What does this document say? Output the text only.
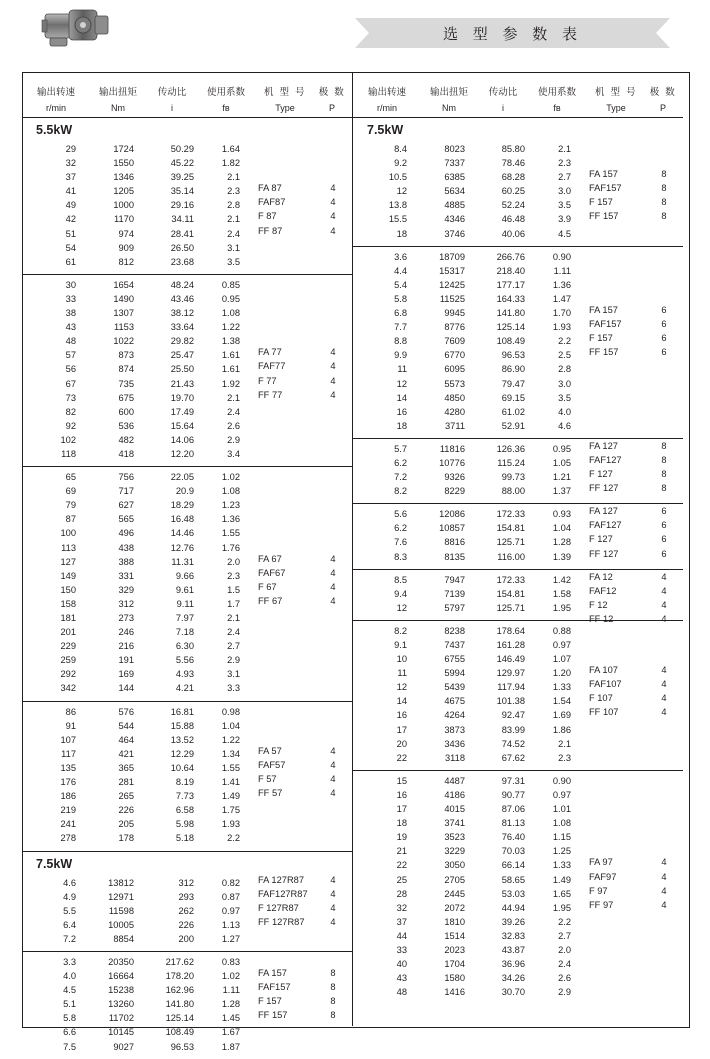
选 型 参 数 表
输出转速	输出扭矩	传动比	使用系数	机 型 号	极 数
r/min	Nm	i	fʙ	Type	P
5.5kW
29	1724	50.29	1.64
32	1550	45.22	1.82
37	1346	39.25	2.1
41	1205	35.14	2.3
49	1000	29.16	2.8
42	1170	34.11	2.1
51	974	28.41	2.4
54	909	26.50	3.1
61	812	23.68	3.5
FA 87	4
FAF87	4
F 87	4
FF 87	4
30	1654	48.24	0.85
33	1490	43.46	0.95
38	1307	38.12	1.08
43	1153	33.64	1.22
48	1022	29.82	1.38
57	873	25.47	1.61
56	874	25.50	1.61
67	735	21.43	1.92
73	675	19.70	2.1
82	600	17.49	2.4
92	536	15.64	2.6
102	482	14.06	2.9
118	418	12.20	3.4
FA 77	4
FAF77	4
F 77	4
FF 77	4
65	756	22.05	1.02
69	717	20.9	1.08
79	627	18.29	1.23
87	565	16.48	1.36
100	496	14.46	1.55
113	438	12.76	1.76
127	388	11.31	2.0
149	331	9.66	2.3
150	329	9.61	1.5
158	312	9.11	1.7
181	273	7.97	2.1
201	246	7.18	2.4
229	216	6.30	2.7
259	191	5.56	2.9
292	169	4.93	3.1
342	144	4.21	3.3
FA 67	4
FAF67	4
F 67	4
FF 67	4
86	576	16.81	0.98
91	544	15.88	1.04
107	464	13.52	1.22
117	421	12.29	1.34
135	365	10.64	1.55
176	281	8.19	1.41
186	265	7.73	1.49
219	226	6.58	1.75
241	205	5.98	1.93
278	178	5.18	2.2
FA 57	4
FAF57	4
F 57	4
FF 57	4
7.5kW
4.6	13812	312	0.82
4.9	12971	293	0.87
5.5	11598	262	0.97
6.4	10005	226	1.13
7.2	8854	200	1.27
FA 127R87	4
FAF127R87	4
F 127R87	4
FF 127R87	4
3.3	20350	217.62	0.83
4.0	16664	178.20	1.02
4.5	15238	162.96	1.11
5.1	13260	141.80	1.28
5.8	11702	125.14	1.45
6.6	10145	108.49	1.67
7.5	9027	96.53	1.87
FA 157	8
FAF157	8
F 157	8
FF 157	8
输出转速	输出扭矩	传动比	使用系数	机 型 号	极 数
r/min	Nm	i	fʙ	Type	P
7.5kW
8.4	8023	85.80	2.1
9.2	7337	78.46	2.3
10.5	6385	68.28	2.7
12	5634	60.25	3.0
13.8	4885	52.24	3.5
15.5	4346	46.48	3.9
18	3746	40.06	4.5
FA 157	8
FAF157	8
F 157	8
FF 157	8
3.6	18709	266.76	0.90
4.4	15317	218.40	1.11
5.4	12425	177.17	1.36
5.8	11525	164.33	1.47
6.8	9945	141.80	1.70
7.7	8776	125.14	1.93
8.8	7609	108.49	2.2
9.9	6770	96.53	2.5
11	6095	86.90	2.8
12	5573	79.47	3.0
14	4850	69.15	3.5
16	4280	61.02	4.0
18	3711	52.91	4.6
FA 157	6
FAF157	6
F 157	6
FF 157	6
5.7	11816	126.36	0.95
6.2	10776	115.24	1.05
7.2	9326	99.73	1.21
8.2	8229	88.00	1.37
FA 127	8
FAF127	8
F 127	8
FF 127	8
5.6	12086	172.33	0.93
6.2	10857	154.81	1.04
7.6	8816	125.71	1.28
8.3	8135	116.00	1.39
FA 127	6
FAF127	6
F 127	6
FF 127	6
8.5	7947	172.33	1.42
9.4	7139	154.81	1.58
12	5797	125.71	1.95
FA 12	4
FAF12	4
F 12	4
FF 12	4
8.2	8238	178.64	0.88
9.1	7437	161.28	0.97
10	6755	146.49	1.07
11	5994	129.97	1.20
12	5439	117.94	1.33
14	4675	101.38	1.54
16	4264	92.47	1.69
17	3873	83.99	1.86
20	3436	74.52	2.1
22	3118	67.62	2.3
FA 107	4
FAF107	4
F 107	4
FF 107	4
15	4487	97.31	0.90
16	4186	90.77	0.97
17	4015	87.06	1.01
18	3741	81.13	1.08
19	3523	76.40	1.15
21	3229	70.03	1.25
22	3050	66.14	1.33
25	2705	58.65	1.49
28	2445	53.03	1.65
32	2072	44.94	1.95
37	1810	39.26	2.2
44	1514	32.83	2.7
33	2023	43.87	2.0
40	1704	36.96	2.4
43	1580	34.26	2.6
48	1416	30.70	2.9
FA 97	4
FAF97	4
F 97	4
FF 97	4
